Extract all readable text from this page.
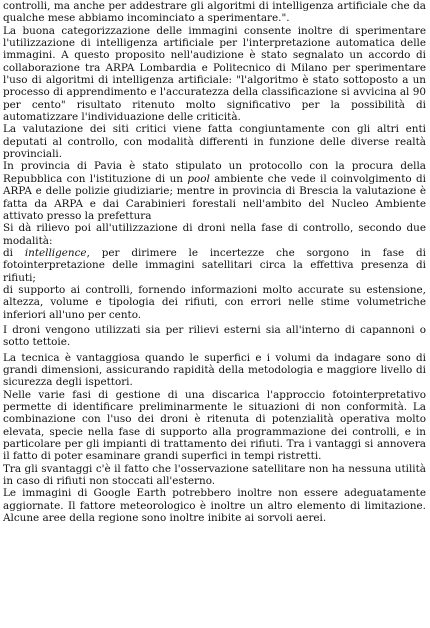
controlli, ma anche per addestrare gli algoritmi di intelligenza artificiale che da qualche mese abbiamo incominciato a sperimentare.".

La buona categorizzazione delle immagini consente inoltre di sperimentare l'utilizzazione di intelligenza artificiale per l'interpretazione automatica delle immagini. A questo proposito nell'audizione è stato segnalato un accordo di collaborazione tra ARPA Lombardia e Politecnico di Milano per sperimentare l'uso di algoritmi di intelligenza artificiale: "l'algoritmo è stato sottoposto a un processo di apprendimento e l'accuratezza della classificazione si avvicina al 90 per cento" risultato ritenuto molto significativo per la possibilità di automatizzare l'individuazione delle criticità.

La valutazione dei siti critici viene fatta congiuntamente con gli altri enti deputati al controllo, con modalità differenti in funzione delle diverse realtà provinciali.

In provincia di Pavia è stato stipulato un protocollo con la procura della Repubblica con l'istituzione di un pool ambiente che vede il coinvolgimento di ARPA e delle polizie giudiziarie; mentre in provincia di Brescia la valutazione è fatta da ARPA e dai Carabinieri forestali nell'ambito del Nucleo Ambiente attivato presso la prefettura

Si dà rilievo poi all'utilizzazione di droni nella fase di controllo, secondo due modalità:

di intelligence, per dirimere le incertezze che sorgono in fase di fotointerpretazione delle immagini satellitari circa la effettiva presenza di rifiuti;

di supporto ai controlli, fornendo informazioni molto accurate su estensione, altezza, volume e tipologia dei rifiuti, con errori nelle stime volumetriche inferiori all'uno per cento.

I droni vengono utilizzati sia per rilievi esterni sia all'interno di capannoni o sotto tettoie.

La tecnica è vantaggiosa quando le superfici e i volumi da indagare sono di grandi dimensioni, assicurando rapidità della metodologia e maggiore livello di sicurezza degli ispettori.

Nelle varie fasi di gestione di una discarica l'approccio fotointerpretativo permette di identificare preliminarmente le situazioni di non conformità. La combinazione con l'uso dei droni è ritenuta di potenzialità operativa molto elevata, specie nella fase di supporto alla programmazione dei controlli, e in particolare per gli impianti di trattamento dei rifiuti. Tra i vantaggi si annovera il fatto di poter esaminare grandi superfici in tempi ristretti.

Tra gli svantaggi c'è il fatto che l'osservazione satellitare non ha nessuna utilità in caso di rifiuti non stoccati all'esterno.

Le immagini di Google Earth potrebbero inoltre non essere adeguatamente aggiornate. Il fattore meteorologico è inoltre un altro elemento di limitazione. Alcune aree della regione sono inoltre inibite ai sorvoli aerei.
